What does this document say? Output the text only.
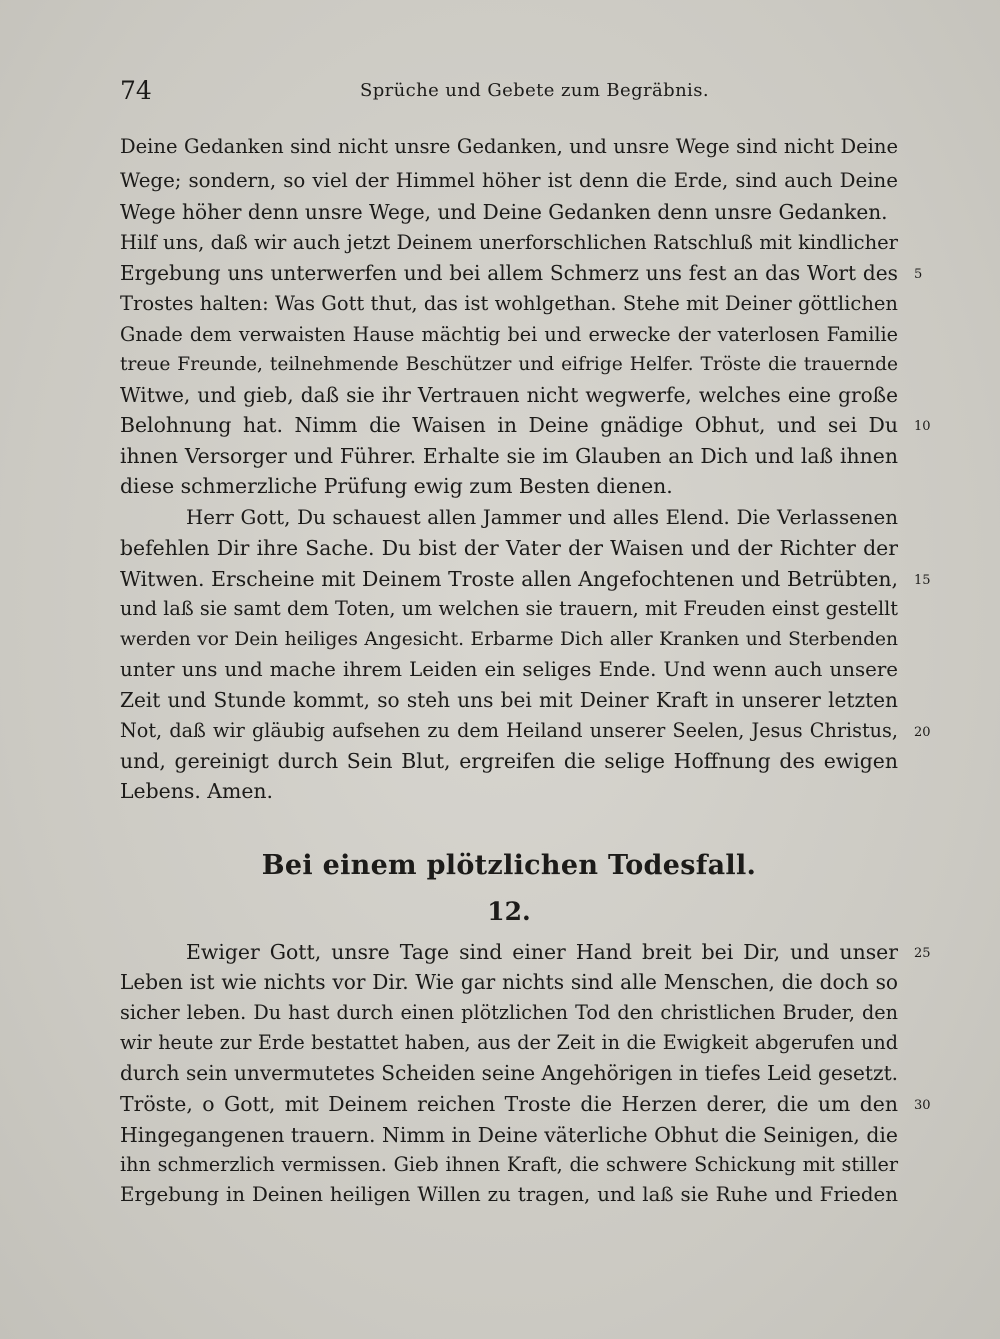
74	Sprüche und Gebete zum Begräbnis.
Deine Gedanken sind nicht unsre Gedanken, und unsre Wege sind nicht Deine
Wege; sondern, so viel der Himmel höher ist denn die Erde, sind auch Deine
Wege höher denn unsre Wege, und Deine Gedanken denn unsre Gedanken.
Hilf uns, daß wir auch jetzt Deinem unerforschlichen Ratschluß mit kindlicher
Ergebung uns unterwerfen und bei allem Schmerz uns fest an das Wort des
Trostes halten: Was Gott thut, das ist wohlgethan. Stehe mit Deiner göttlichen
Gnade dem verwaisten Hause mächtig bei und erwecke der vaterlosen Familie
treue Freunde, teilnehmende Beschützer und eifrige Helfer. Tröste die trauernde
Witwe, und gieb, daß sie ihr Vertrauen nicht wegwerfe, welches eine große
Belohnung hat. Nimm die Waisen in Deine gnädige Obhut, und sei Du
ihnen Versorger und Führer. Erhalte sie im Glauben an Dich und laß ihnen
diese schmerzliche Prüfung ewig zum Besten dienen.
Herr Gott, Du schauest allen Jammer und alles Elend. Die Verlassenen
befehlen Dir ihre Sache. Du bist der Vater der Waisen und der Richter der
Witwen. Erscheine mit Deinem Troste allen Angefochtenen und Betrübten,
und laß sie samt dem Toten, um welchen sie trauern, mit Freuden einst gestellt
werden vor Dein heiliges Angesicht. Erbarme Dich aller Kranken und Sterbenden
unter uns und mache ihrem Leiden ein seliges Ende. Und wenn auch unsere
Zeit und Stunde kommt, so steh uns bei mit Deiner Kraft in unserer letzten
Not, daß wir gläubig aufsehen zu dem Heiland unserer Seelen, Jesus Christus,
und, gereinigt durch Sein Blut, ergreifen die selige Hoffnung des ewigen
Lebens. Amen.
Bei einem plötzlichen Todesfall.
12.
Ewiger Gott, unsre Tage sind einer Hand breit bei Dir, und unser
Leben ist wie nichts vor Dir. Wie gar nichts sind alle Menschen, die doch so
sicher leben. Du hast durch einen plötzlichen Tod den christlichen Bruder, den
wir heute zur Erde bestattet haben, aus der Zeit in die Ewigkeit abgerufen und
durch sein unvermutetes Scheiden seine Angehörigen in tiefes Leid gesetzt.
Tröste, o Gott, mit Deinem reichen Troste die Herzen derer, die um den
Hingegangenen trauern. Nimm in Deine väterliche Obhut die Seinigen, die
ihn schmerzlich vermissen. Gieb ihnen Kraft, die schwere Schickung mit stiller
Ergebung in Deinen heiligen Willen zu tragen, und laß sie Ruhe und Frieden
5
10
15
20
25
30
